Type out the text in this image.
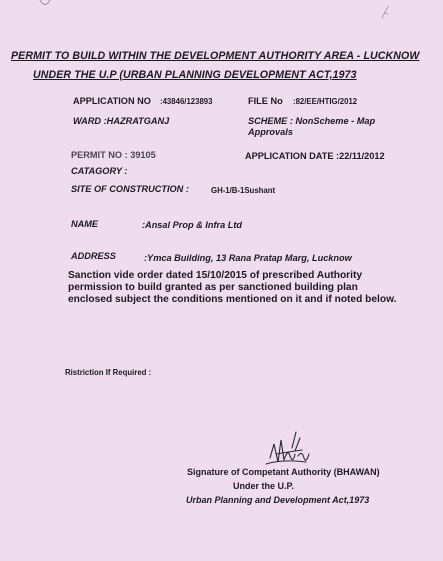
PERMIT TO BUILD WITHIN THE DEVELOPMENT AUTHORITY AREA - LUCKNOW
UNDER THE U.P (URBAN PLANNING DEVELOPMENT ACT,1973
APPLICATION NO :43846/123893	FILE No :82/EE/HTIG/2012
WARD :HAZRATGANJ	SCHEME : NonScheme - Map
Approvals
PERMIT NO : 39105	APPLICATION DATE :22/11/2012
CATAGORY :
SITE OF CONSTRUCTION :	GH-1/B-1Sushant
NAME	:Ansal Prop & Infra Ltd
ADDRESS	:Ymca Building, 13 Rana Pratap Marg, Lucknow
Sanction vide order dated 15/10/2015 of prescribed Authority permission to build granted as per sanctioned building plan enclosed subject the conditions mentioned on it and if noted below.
Ristriction If Required :
Signature of Competant Authority (BHAWAN)
Under the U.P.
Urban Planning and Development Act,1973
